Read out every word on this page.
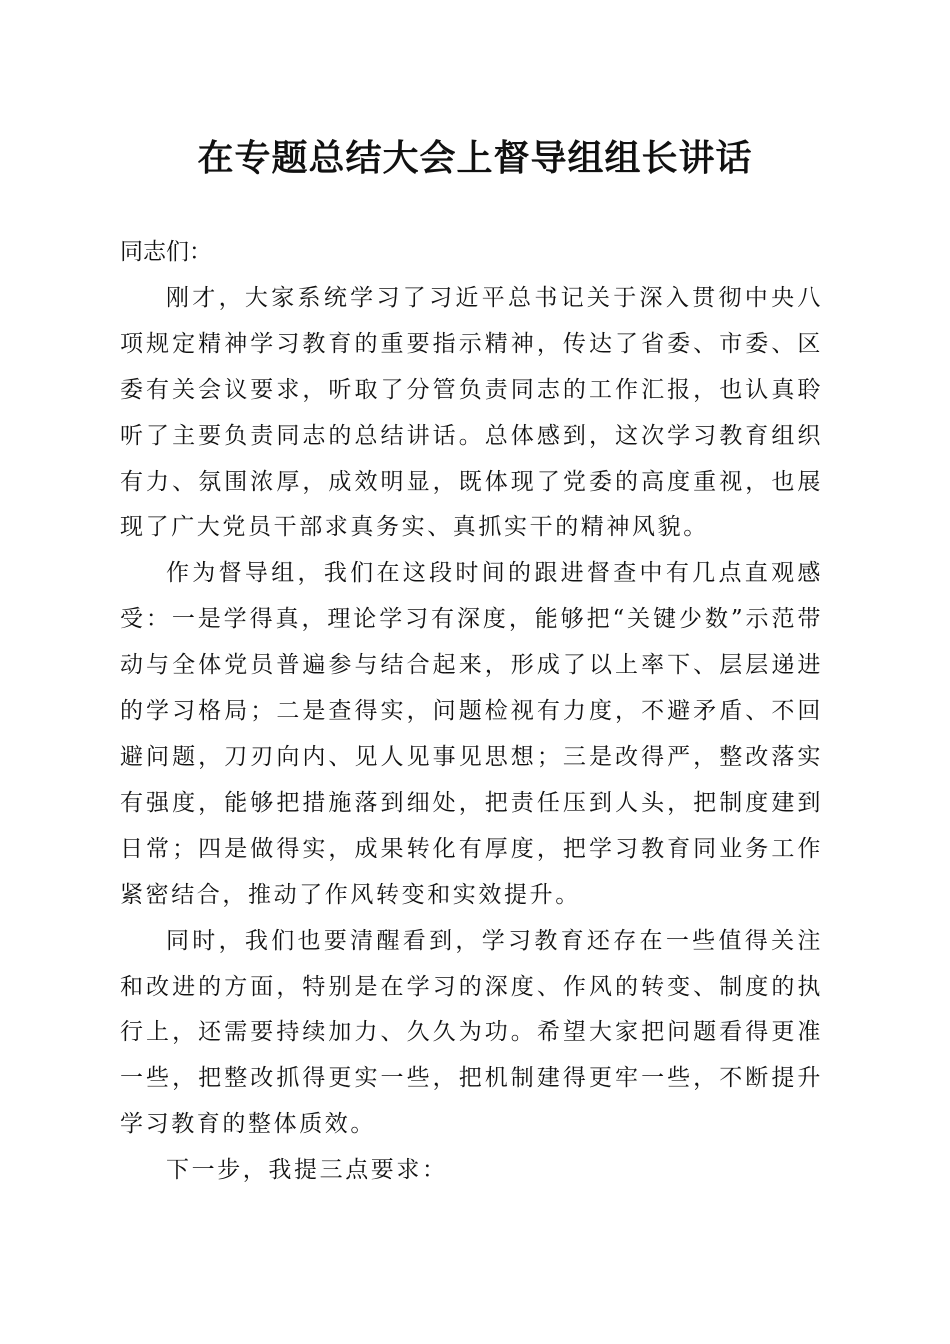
在专题总结大会上督导组组长讲话

同志们：

刚才，大家系统学习了习近平总书记关于深入贯彻中央八项规定精神学习教育的重要指示精神，传达了省委、市委、区委有关会议要求，听取了分管负责同志的工作汇报，也认真聆听了主要负责同志的总结讲话。总体感到，这次学习教育组织有力、氛围浓厚，成效明显，既体现了党委的高度重视，也展现了广大党员干部求真务实、真抓实干的精神风貌。

作为督导组，我们在这段时间的跟进督查中有几点直观感受：一是学得真，理论学习有深度，能够把“关键少数”示范带动与全体党员普遍参与结合起来，形成了以上率下、层层递进的学习格局；二是查得实，问题检视有力度，不避矛盾、不回避问题，刀刃向内、见人见事见思想；三是改得严，整改落实有强度，能够把措施落到细处，把责任压到人头，把制度建到日常；四是做得实，成果转化有厚度，把学习教育同业务工作紧密结合，推动了作风转变和实效提升。

同时，我们也要清醒看到，学习教育还存在一些值得关注和改进的方面，特别是在学习的深度、作风的转变、制度的执行上，还需要持续加力、久久为功。希望大家把问题看得更准一些，把整改抓得更实一些，把机制建得更牢一些，不断提升学习教育的整体质效。

下一步，我提三点要求：
